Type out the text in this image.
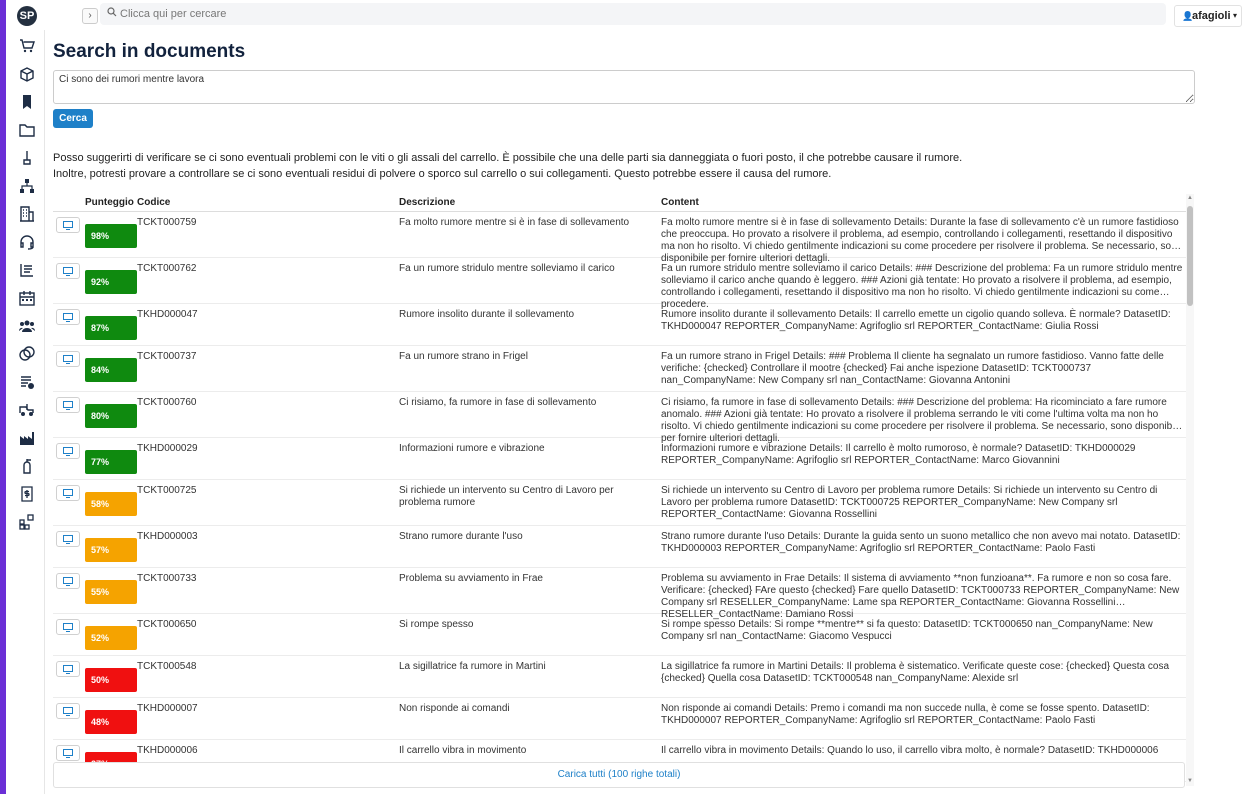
SP	›
Clicca qui per cercare	👤
afagioli ▾
Search in documents
Ci sono dei rumori mentre lavora
Cerca

Posso suggerirti di verificare se ci sono eventuali problemi con le viti o gli assali del carrello. È possibile che una delle parti sia danneggiata o fuori posto, il che potrebbe causare il rumore.

Inoltre, potresti provare a controllare se ci sono eventuali residui di polvere o sporco sul carrello o sui collegamenti. Questo potrebbe essere il causa del rumore.

	Punteggio	Codice	Descrizione	Content

98%	TCKT000759	Fa molto rumore mentre si è in fase di sollevamento	Fa molto rumore mentre si è in fase di sollevamento Details: Durante la fase di sollevamento c'è un rumore fastidioso che preoccupa. Ho provato a risolvere il problema, ad esempio, controllando i collegamenti, resettando il dispositivo ma non ho risolto. Vi chiedo gentilmente indicazioni su come procedere per risolvere il problema. Se necessario, sono disponibile per fornire ulteriori dettagli.

92%	TCKT000762	Fa un rumore stridulo mentre solleviamo il carico	Fa un rumore stridulo mentre solleviamo il carico Details: ### Descrizione del problema: Fa un rumore stridulo mentre solleviamo il carico anche quando è leggero. ### Azioni già tentate: Ho provato a risolvere il problema, ad esempio, controllando i collegamenti, resettando il dispositivo ma non ho risolto. Vi chiedo gentilmente indicazioni su come procedere.

87%	TKHD000047	Rumore insolito durante il sollevamento	Rumore insolito durante il sollevamento Details: Il carrello emette un cigolio quando solleva. È normale? DatasetID: TKHD000047 REPORTER_CompanyName: Agrifoglio srl REPORTER_ContactName: Giulia Rossi

84%	TCKT000737	Fa un rumore strano in Frigel	Fa un rumore strano in Frigel Details: ### Problema Il cliente ha segnalato un rumore fastidioso. Vanno fatte delle verifiche: {checked} Controllare il mootre {checked} Fai anche ispezione DatasetID: TCKT000737 nan_CompanyName: New Company srl nan_ContactName: Giovanna Antonini

80%	TCKT000760	Ci risiamo, fa rumore in fase di sollevamento	Ci risiamo, fa rumore in fase di sollevamento Details: ### Descrizione del problema: Ha ricominciato a fare rumore anomalo. ### Azioni già tentate: Ho provato a risolvere il problema serrando le viti come l'ultima volta ma non ho risolto. Vi chiedo gentilmente indicazioni su come procedere per risolvere il problema. Se necessario, sono disponibile per fornire ulteriori dettagli.

77%	TKHD000029	Informazioni rumore e vibrazione	Informazioni rumore e vibrazione Details: Il carrello è molto rumoroso, è normale? DatasetID: TKHD000029 REPORTER_CompanyName: Agrifoglio srl REPORTER_ContactName: Marco Giovannini

58%	TCKT000725	Si richiede un intervento su Centro di Lavoro per problema rumore	Si richiede un intervento su Centro di Lavoro per problema rumore Details: Si richiede un intervento su Centro di Lavoro per problema rumore DatasetID: TCKT000725 REPORTER_CompanyName: New Company srl REPORTER_ContactName: Giovanna Rossellini

57%	TKHD000003	Strano rumore durante l'uso	Strano rumore durante l'uso Details: Durante la guida sento un suono metallico che non avevo mai notato. DatasetID: TKHD000003 REPORTER_CompanyName: Agrifoglio srl REPORTER_ContactName: Paolo Fasti

55%	TCKT000733	Problema su avviamento in Frae	Problema su avviamento in Frae Details: Il sistema di avviamento **non funzioana**. Fa rumore e non so cosa fare. Verificare: {checked} FAre questo {checked} Fare quello DatasetID: TCKT000733 REPORTER_CompanyName: New Company srl RESELLER_CompanyName: Lame spa REPORTER_ContactName: Giovanna Rossellini RESELLER_ContactName: Damiano Rossi

52%	TCKT000650	Si rompe spesso	Si rompe spesso Details: Si rompe **mentre** si fa questo: DatasetID: TCKT000650 nan_CompanyName: New Company srl nan_ContactName: Giacomo Vespucci

50%	TCKT000548	La sigillatrice fa rumore in Martini	La sigillatrice fa rumore in Martini Details: Il problema è sistematico. Verificate queste cose: {checked} Questa cosa {checked} Quella cosa DatasetID: TCKT000548 nan_CompanyName: Alexide srl

48%	TKHD000007	Non risponde ai comandi	Non risponde ai comandi Details: Premo i comandi ma non succede nulla, è come se fosse spento. DatasetID: TKHD000007 REPORTER_CompanyName: Agrifoglio srl REPORTER_ContactName: Paolo Fasti

	TKHD000006	Il carrello vibra in movimento	Il carrello vibra in movimento Details: Quando lo uso, il carrello vibra molto, è normale? DatasetID: TKHD000006
▲
▼
Carica tutti (100 righe totali)
